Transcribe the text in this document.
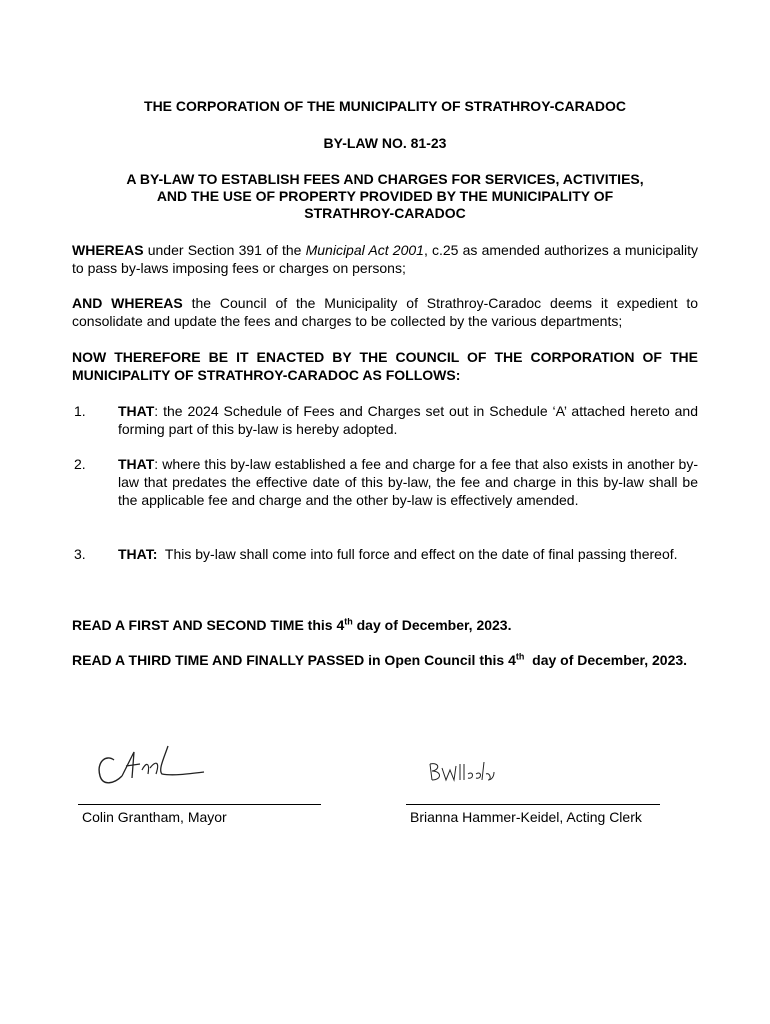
THE CORPORATION OF THE MUNICIPALITY OF STRATHROY-CARADOC
BY-LAW NO. 81-23
A BY-LAW TO ESTABLISH FEES AND CHARGES FOR SERVICES, ACTIVITIES,
AND THE USE OF PROPERTY PROVIDED BY THE MUNICIPALITY OF
STRATHROY-CARADOC
WHEREAS under Section 391 of the Municipal Act 2001, c.25 as amended authorizes a municipality to pass by-laws imposing fees or charges on persons;
AND WHEREAS the Council of the Municipality of Strathroy-Caradoc deems it expedient to consolidate and update the fees and charges to be collected by the various departments;
NOW THEREFORE BE IT ENACTED BY THE COUNCIL OF THE CORPORATION OF THE MUNICIPALITY OF STRATHROY-CARADOC AS FOLLOWS:
1. THAT: the 2024 Schedule of Fees and Charges set out in Schedule ‘A’ attached hereto and forming part of this by-law is hereby adopted.
2. THAT: where this by-law established a fee and charge for a fee that also exists in another by-law that predates the effective date of this by-law, the fee and charge in this by-law shall be the applicable fee and charge and the other by-law is effectively amended.
3. THAT:  This by-law shall come into full force and effect on the date of final passing thereof.
READ A FIRST AND SECOND TIME this 4th day of December, 2023.
READ A THIRD TIME AND FINALLY PASSED in Open Council this 4th  day of December, 2023.
Colin Grantham, Mayor	Brianna Hammer-Keidel, Acting Clerk
